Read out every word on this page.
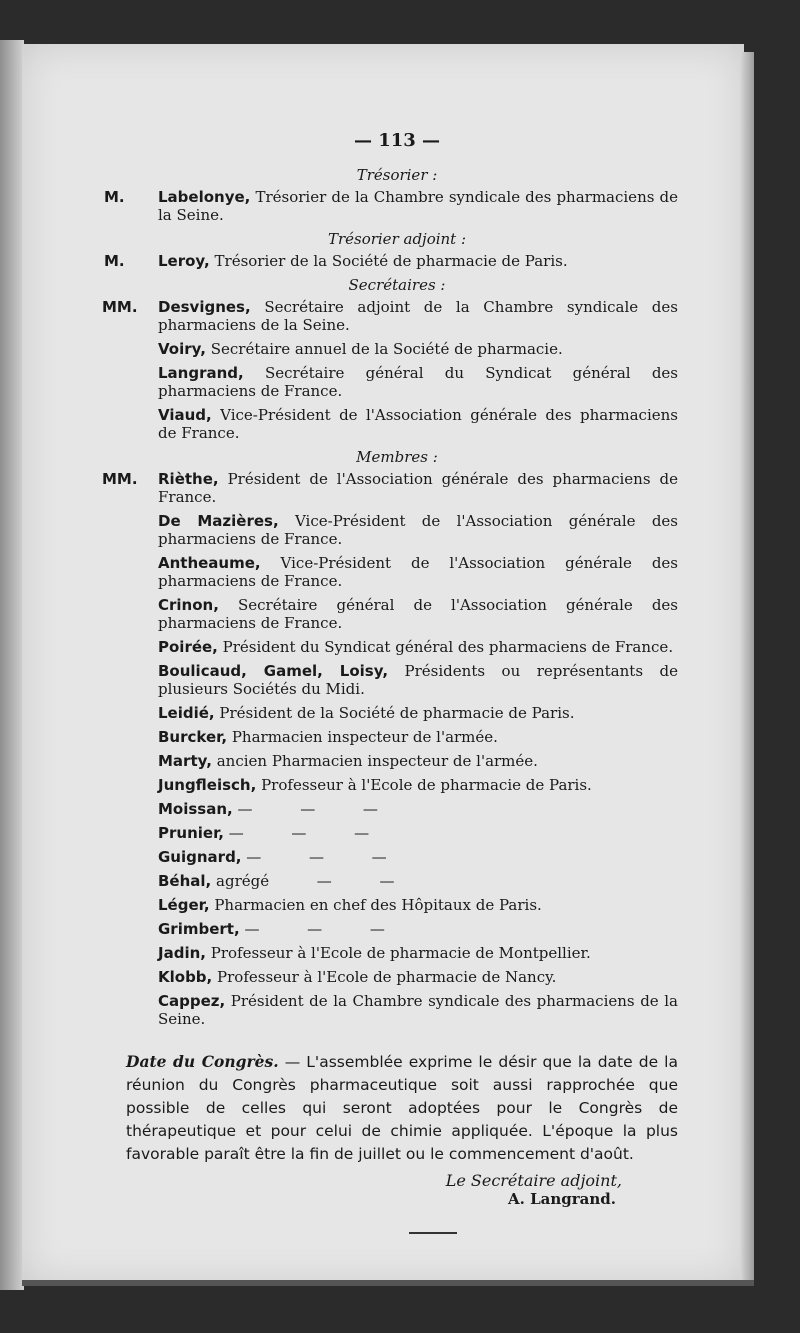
— 113 —
Trésorier :
M. Labelonye, Trésorier de la Chambre syndicale des pharmaciens de la Seine.
Trésorier adjoint :
M. Leroy, Trésorier de la Société de pharmacie de Paris.
Secrétaires :
MM. Desvignes, Secrétaire adjoint de la Chambre syndicale des pharmaciens de la Seine.
Voiry, Secrétaire annuel de la Société de pharmacie.
Langrand, Secrétaire général du Syndicat général des pharmaciens de France.
Viaud, Vice-Président de l'Association générale des pharmaciens de France.
Membres :
MM. Rièthe, Président de l'Association générale des pharmaciens de France.
De Mazières, Vice-Président de l'Association générale des pharmaciens de France.
Antheaume, Vice-Président de l'Association générale des pharmaciens de France.
Crinon, Secrétaire général de l'Association générale des pharmaciens de France.
Poirée, Président du Syndicat général des pharmaciens de France.
Boulicaud, Gamel, Loisy, Présidents ou représentants de plusieurs Sociétés du Midi.
Leidié, Président de la Société de pharmacie de Paris.
Burcker, Pharmacien inspecteur de l'armée.
Marty, ancien Pharmacien inspecteur de l'armée.
Jungfleisch, Professeur à l'Ecole de pharmacie de Paris.
Moissan, —          —          —
Prunier, —          —          —
Guignard, —          —          —
Béhal, agrégé          —          —
Léger, Pharmacien en chef des Hôpitaux de Paris.
Grimbert, —          —          —
Jadin, Professeur à l'Ecole de pharmacie de Montpellier.
Klobb, Professeur à l'Ecole de pharmacie de Nancy.
Cappez, Président de la Chambre syndicale des pharmaciens de la Seine.
Date du Congrès. — L'assemblée exprime le désir que la date de la réunion du Congrès pharmaceutique soit aussi rapprochée que possible de celles qui seront adoptées pour le Congrès de thérapeutique et pour celui de chimie appliquée. L'époque la plus favorable paraît être la fin de juillet ou le commencement d'août.
Le Secrétaire adjoint,
A. Langrand.
